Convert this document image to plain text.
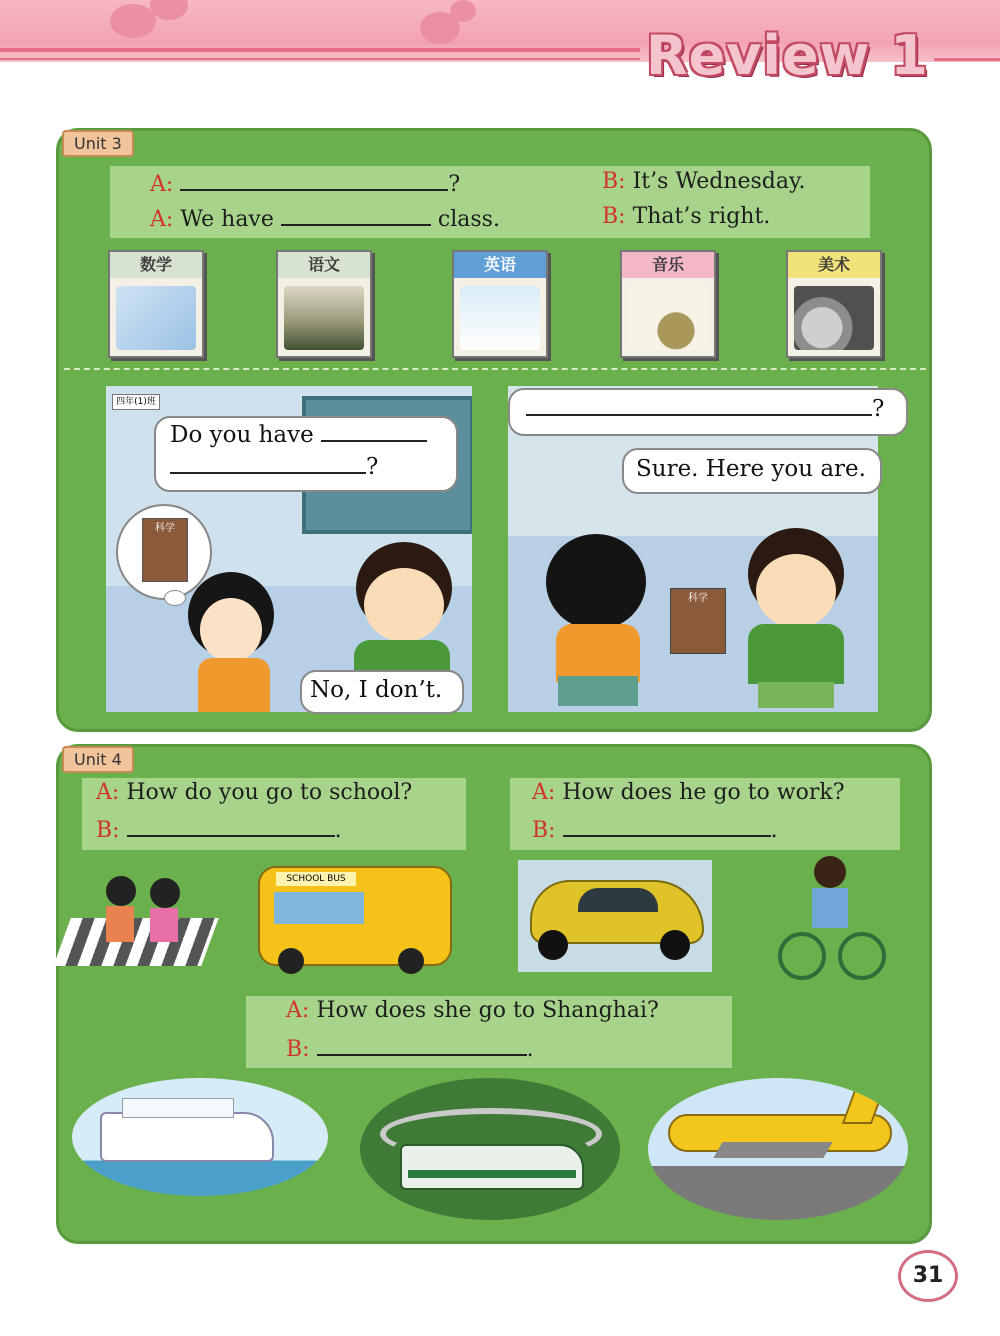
Review 1
Unit 3
A:	?	B: It’s Wednesday.
A: We have	class.	B: That’s right.
数学	语文	英语	音乐	美术
四年(1)班
科学
Do you have
?
No, I don’t.
科学
?
Sure. Here you are.
Unit 4
A: How do you go to school?
B:	.
A: How does he go to work?
B:	.
SCHOOL BUS
A: How does she go to Shanghai?
B:	.
31
